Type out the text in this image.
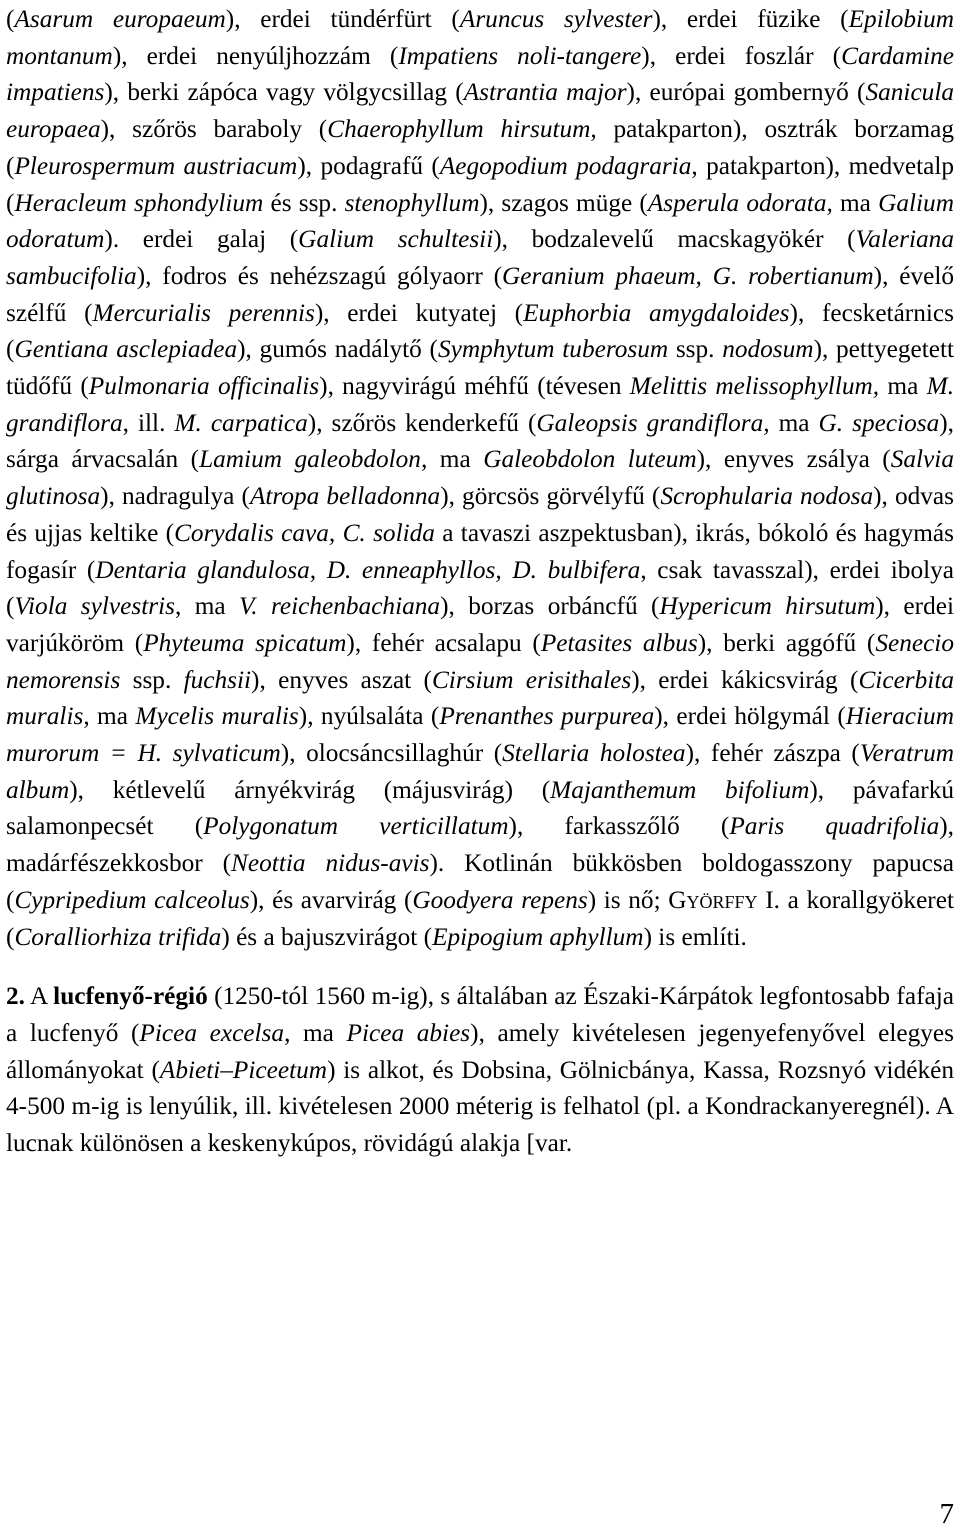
(Asarum europaeum), erdei tündérfürt (Aruncus sylvester), erdei füzike (Epilobium montanum), erdei nenyúljhozzám (Impatiens noli-tangere), erdei foszlár (Cardamine impatiens), berki zápóca vagy völgycsillag (Astrantia major), európai gombernyő (Sanicula europaea), szőrös baraboly (Chaerophyllum hirsutum, patakparton), osztrák borzamag (Pleurospermum austriacum), podagrafű (Aegopodium podagraria, patakparton), medvetalp (Heracleum sphondylium és ssp. stenophyllum), szagos müge (Asperula odorata, ma Galium odoratum). erdei galaj (Galium schultesii), bodzalevelű macskagyökér (Valeriana sambucifolia), fodros és nehézszagú gólyaorr (Geranium phaeum, G. robertianum), évelő szélfű (Mercurialis perennis), erdei kutyatej (Euphorbia amygdaloides), fecsketárnics (Gentiana asclepiadea), gumós nadálytő (Symphytum tuberosum ssp. nodosum), pettyegetett tüdőfű (Pulmonaria officinalis), nagyvirágú méhfű (tévesen Melittis melissophyllum, ma M. grandiflora, ill. M. carpatica), szőrös kenderkefű (Galeopsis grandiflora, ma G. speciosa), sárga árvacsalán (Lamium galeobdolon, ma Galeobdolon luteum), enyves zsálya (Salvia glutinosa), nadragulya (Atropa belladonna), görcsös görvélyfű (Scrophularia nodosa), odvas és ujjas keltike (Corydalis cava, C. solida a tavaszi aszpektusban), ikrás, bókoló és hagymás fogasír (Dentaria glandulosa, D. enneaphyllos, D. bulbifera, csak tavasszal), erdei ibolya (Viola sylvestris, ma V. reichenbachiana), borzas orbáncfű (Hypericum hirsutum), erdei varjúköröm (Phyteuma spicatum), fehér acsalapu (Petasites albus), berki aggófű (Senecio nemorensis ssp. fuchsii), enyves aszat (Cirsium erisithales), erdei kákicsvirág (Cicerbita muralis, ma Mycelis muralis), nyúlsaláta (Prenanthes purpurea), erdei hölgymál (Hieracium murorum = H. sylvaticum), olocsáncsillaghúr (Stellaria holostea), fehér zászpa (Veratrum album), kétlevelű árnyékvirág (májusvirág) (Majanthemum bifolium), pávafarkú salamonpecsét (Polygonatum verticillatum), farkasszőlő (Paris quadrifolia), madárfészekkosbor (Neottia nidus-avis). Kotlinán bükkösben boldogasszony papucsa (Cypripedium calceolus), és avarvirág (Goodyera repens) is nő; Györffy I. a korallgyökeret (Coralliorhiza trifida) és a bajuszvirágot (Epipogium aphyllum) is említi.

2. A lucfenyő-régió (1250-tól 1560 m-ig), s általában az Északi-Kárpátok legfontosabb fafaja a lucfenyő (Picea excelsa, ma Picea abies), amely kivételesen jegenyefenyővel elegyes állományokat (Abieti–Piceetum) is alkot, és Dobsina, Gölnicbánya, Kassa, Rozsnyó vidékén 4-500 m-ig is lenyúlik, ill. kivételesen 2000 méterig is felhatol (pl. a Kondrackanyeregnél). A lucnak különösen a keskenykúpos, rövidágú alakja [var.

7
